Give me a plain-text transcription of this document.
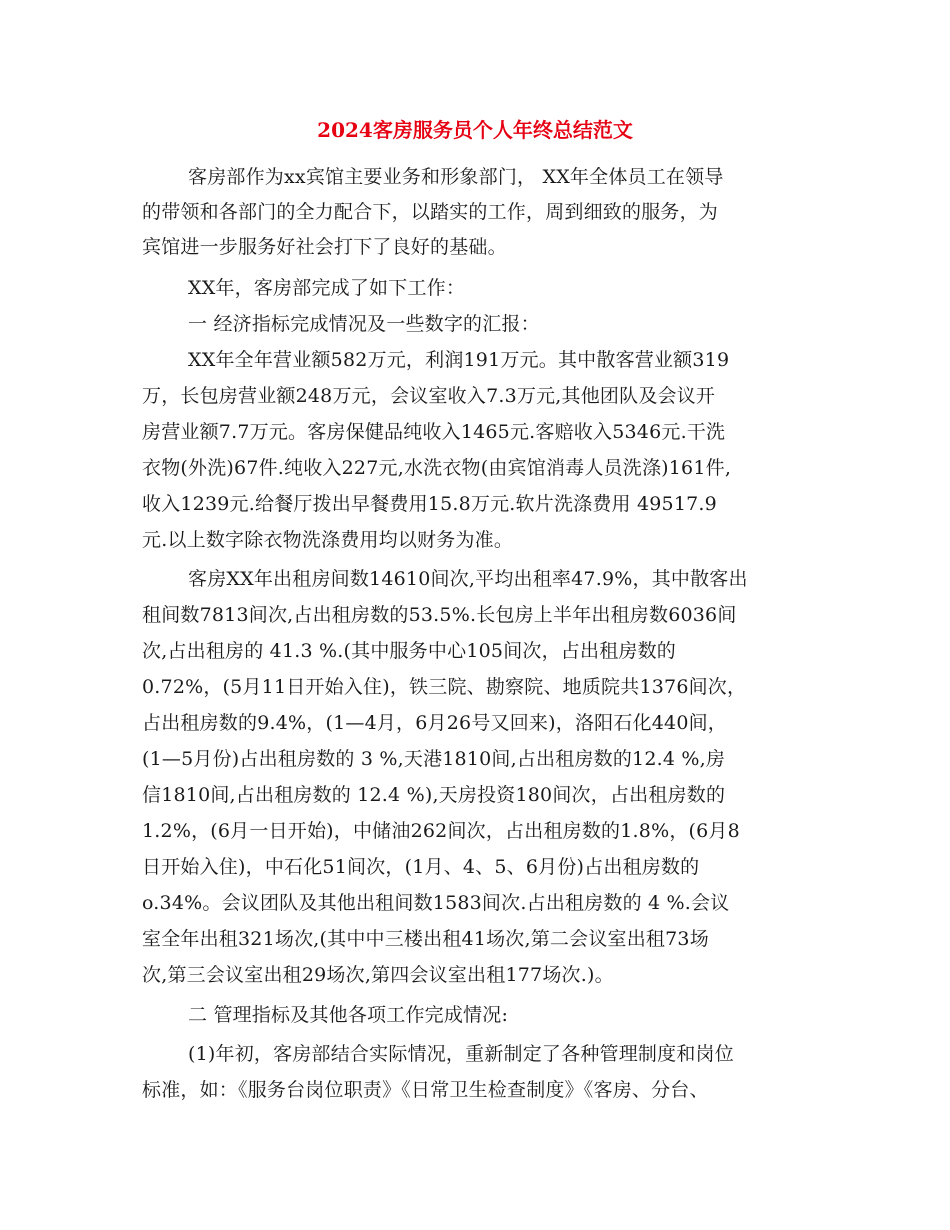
2024客房服务员个人年终总结范文

客房部作为xx宾馆主要业务和形象部门， XX年全体员工在领导

的带领和各部门的全力配合下，以踏实的工作，周到细致的服务，为

宾馆进一步服务好社会打下了良好的基础。

XX年，客房部完成了如下工作：

一 经济指标完成情况及一些数字的汇报：

XX年全年营业额582万元，利润191万元。其中散客营业额319

万，长包房营业额248万元，会议室收入7.3万元,其他团队及会议开

房营业额7.7万元。客房保健品纯收入1465元.客赔收入5346元.干洗

衣物(外洗)67件.纯收入227元,水洗衣物(由宾馆消毒人员洗涤)161件,

收入1239元.给餐厅拨出早餐费用15.8万元.软片洗涤费用 49517.9

元.以上数字除衣物洗涤费用均以财务为准。

客房XX年出租房间数14610间次,平均出租率47.9%，其中散客出

租间数7813间次,占出租房数的53.5%.长包房上半年出租房数6036间

次,占出租房的 41.3 %.(其中服务中心105间次，占出租房数的

0.72%，(5月11日开始入住)，铁三院、勘察院、地质院共1376间次，

占出租房数的9.4%，(1—4月，6月26号又回来)，洛阳石化440间，

(1—5月份)占出租房数的 3 %,天港1810间,占出租房数的12.4 %,房

信1810间,占出租房数的 12.4 %),天房投资180间次，占出租房数的

1.2%，(6月一日开始)，中储油262间次，占出租房数的1.8%，(6月8

日开始入住)，中石化51间次，(1月、4、5、6月份)占出租房数的

o.34%。会议团队及其他出租间数1583间次.占出租房数的 4 %.会议

室全年出租321场次,(其中中三楼出租41场次,第二会议室出租73场

次,第三会议室出租29场次,第四会议室出租177场次.)。

二 管理指标及其他各项工作完成情况:

(1)年初，客房部结合实际情况，重新制定了各种管理制度和岗位

标准，如：《服务台岗位职责》《日常卫生检查制度》《客房、分台、
